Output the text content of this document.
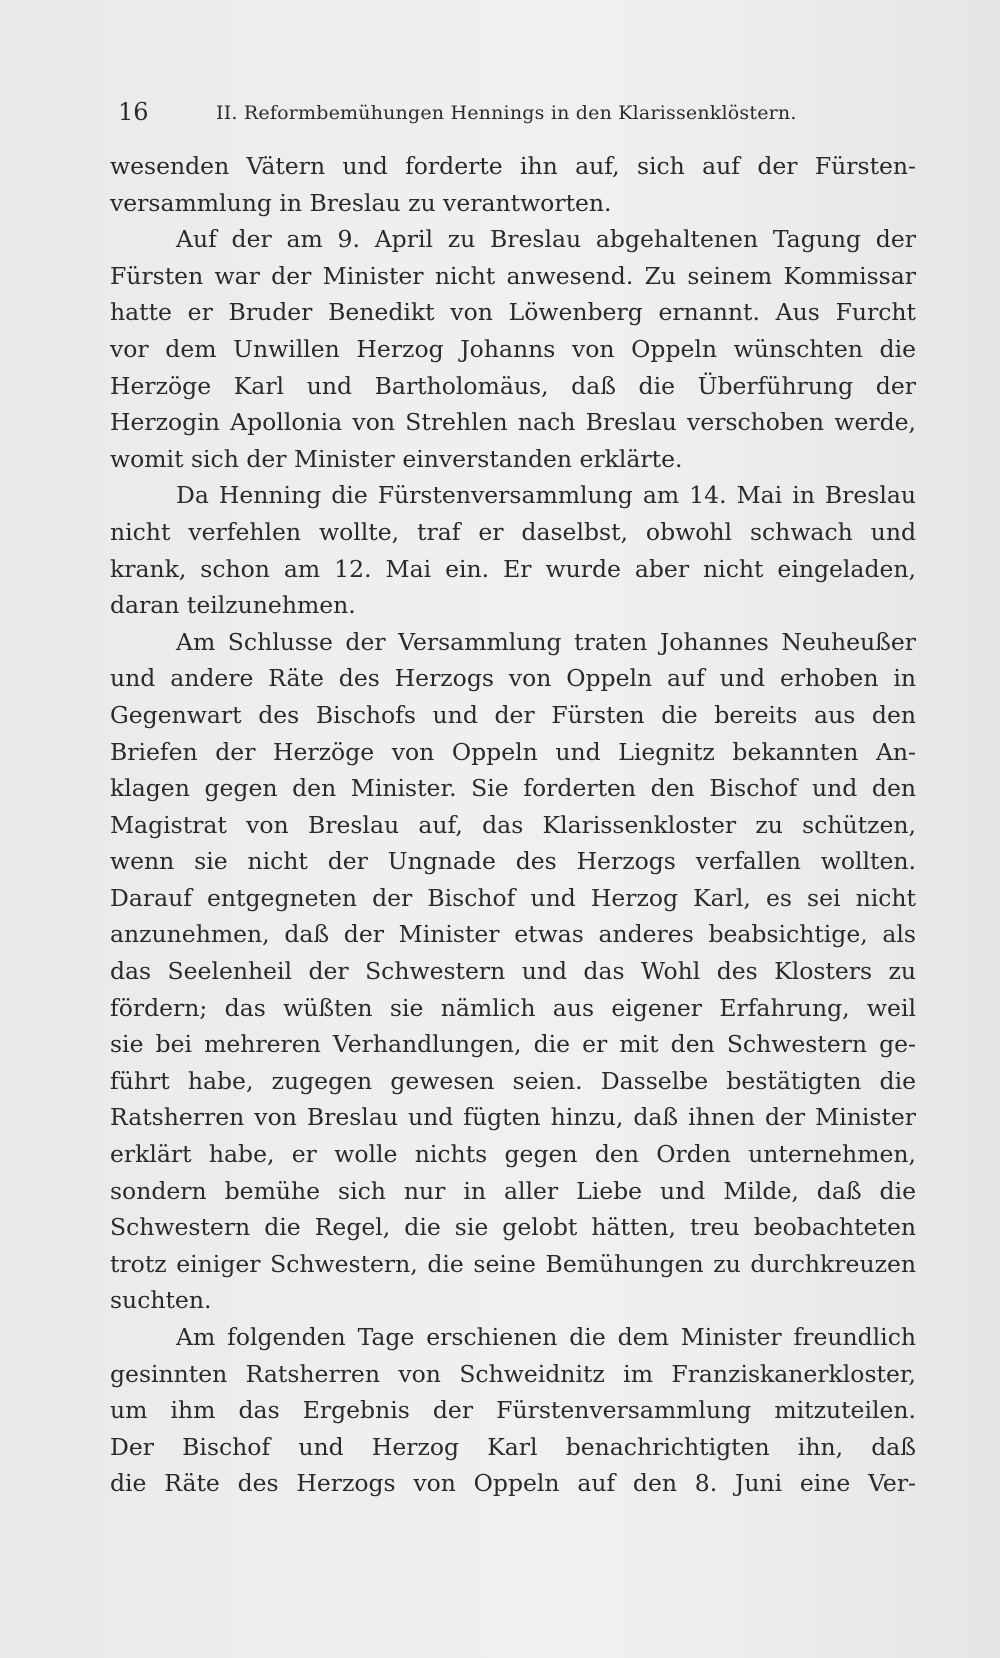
16	II. Reformbemühungen Hennings in den Klarissenklöstern.
wesenden Vätern und forderte ihn auf, sich auf der Fürsten-
versammlung in Breslau zu verantworten.
Auf der am 9. April zu Breslau abgehaltenen Tagung der
Fürsten war der Minister nicht anwesend. Zu seinem Kommissar
hatte er Bruder Benedikt von Löwenberg ernannt. Aus Furcht
vor dem Unwillen Herzog Johanns von Oppeln wünschten die
Herzöge Karl und Bartholomäus, daß die Überführung der
Herzogin Apollonia von Strehlen nach Breslau verschoben werde,
womit sich der Minister einverstanden erklärte.
Da Henning die Fürstenversammlung am 14. Mai in Breslau
nicht verfehlen wollte, traf er daselbst, obwohl schwach und
krank, schon am 12. Mai ein. Er wurde aber nicht eingeladen,
daran teilzunehmen.
Am Schlusse der Versammlung traten Johannes Neuheußer
und andere Räte des Herzogs von Oppeln auf und erhoben in
Gegenwart des Bischofs und der Fürsten die bereits aus den
Briefen der Herzöge von Oppeln und Liegnitz bekannten An-
klagen gegen den Minister. Sie forderten den Bischof und den
Magistrat von Breslau auf, das Klarissenkloster zu schützen,
wenn sie nicht der Ungnade des Herzogs verfallen wollten.
Darauf entgegneten der Bischof und Herzog Karl, es sei nicht
anzunehmen, daß der Minister etwas anderes beabsichtige, als
das Seelenheil der Schwestern und das Wohl des Klosters zu
fördern; das wüßten sie nämlich aus eigener Erfahrung, weil
sie bei mehreren Verhandlungen, die er mit den Schwestern ge-
führt habe, zugegen gewesen seien. Dasselbe bestätigten die
Ratsherren von Breslau und fügten hinzu, daß ihnen der Minister
erklärt habe, er wolle nichts gegen den Orden unternehmen,
sondern bemühe sich nur in aller Liebe und Milde, daß die
Schwestern die Regel, die sie gelobt hätten, treu beobachteten
trotz einiger Schwestern, die seine Bemühungen zu durchkreuzen
suchten.
Am folgenden Tage erschienen die dem Minister freundlich
gesinnten Ratsherren von Schweidnitz im Franziskanerkloster,
um ihm das Ergebnis der Fürstenversammlung mitzuteilen.
Der Bischof und Herzog Karl benachrichtigten ihn, daß
die Räte des Herzogs von Oppeln auf den 8. Juni eine Ver-
